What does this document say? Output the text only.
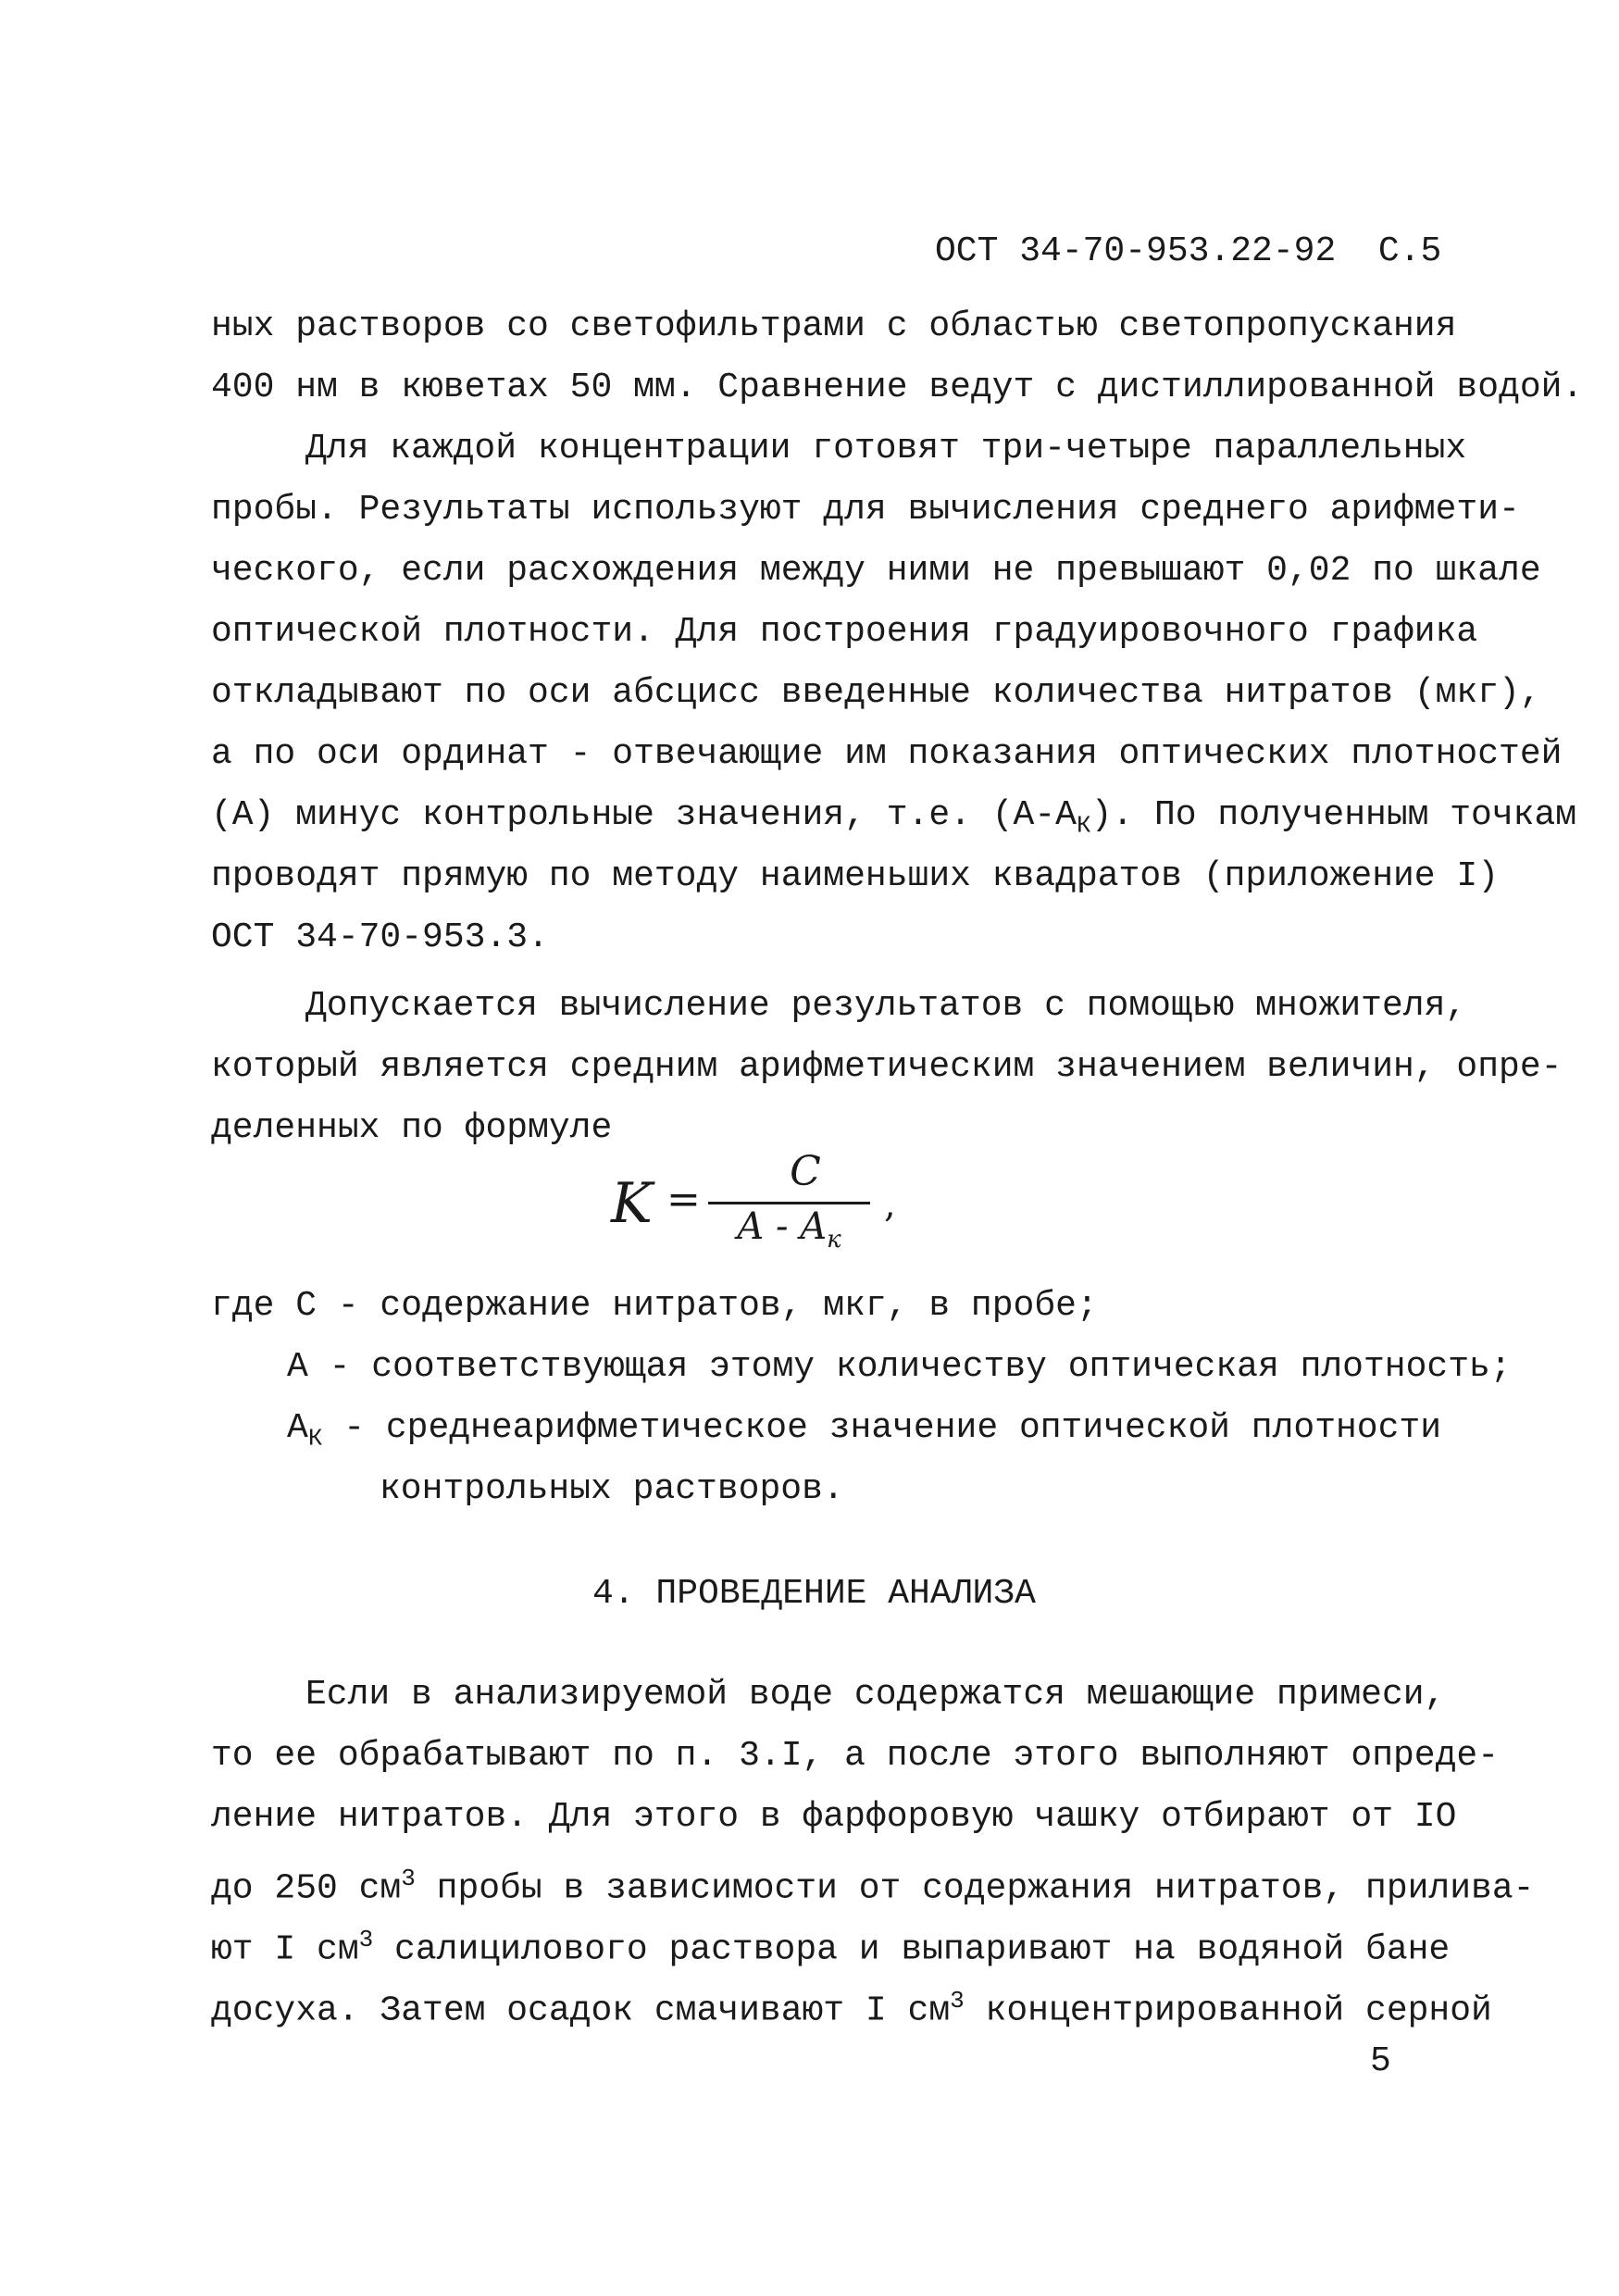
ОСТ 34-70-953.22-92 С.5
ных растворов со светофильтрами с областью светопропускания
400 нм в кюветах 50 мм. Сравнение ведут с дистиллированной водой.
Для каждой концентрации готовят три-четыре параллельных
пробы. Результаты используют для вычисления среднего арифмети-
ческого, если расхождения между ними не превышают 0,02 по шкале
оптической плотности. Для построения градуировочного графика
откладывают по оси абсцисс введенные количества нитратов (мкг),
а по оси ординат - отвечающие им показания оптических плотностей
(А) минус контрольные значения, т.е. $(А-А_К)$. По полученным точкам
проводят прямую по методу наименьших квадратов (приложение I)
ОСТ 34-70-953.3.
Допускается вычисление результатов с помощью множителя,
который является средним арифметическим значением величин, опре-
деленных по формуле
K =
C
A - $A_к$
,
где С - содержание нитратов, мкг, в пробе;
А - соответствующая этому количеству оптическая плотность;
$А_К$ - среднеарифметическое значение оптической плотности
контрольных растворов.
4. ПРОВЕДЕНИЕ АНАЛИЗА
Если в анализируемой воде содержатся мешающие примеси,
то ее обрабатывают по п. 3.I, а после этого выполняют опреде-
ление нитратов. Для этого в фарфоровую чашку отбирают от IO
до 250 $см^3$ пробы в зависимости от содержания нитратов, прилива-
ют I $см^3$ салицилового раствора и выпаривают на водяной бане
досуха. Затем осадок смачивают I $см^3$ концентрированной серной
5
